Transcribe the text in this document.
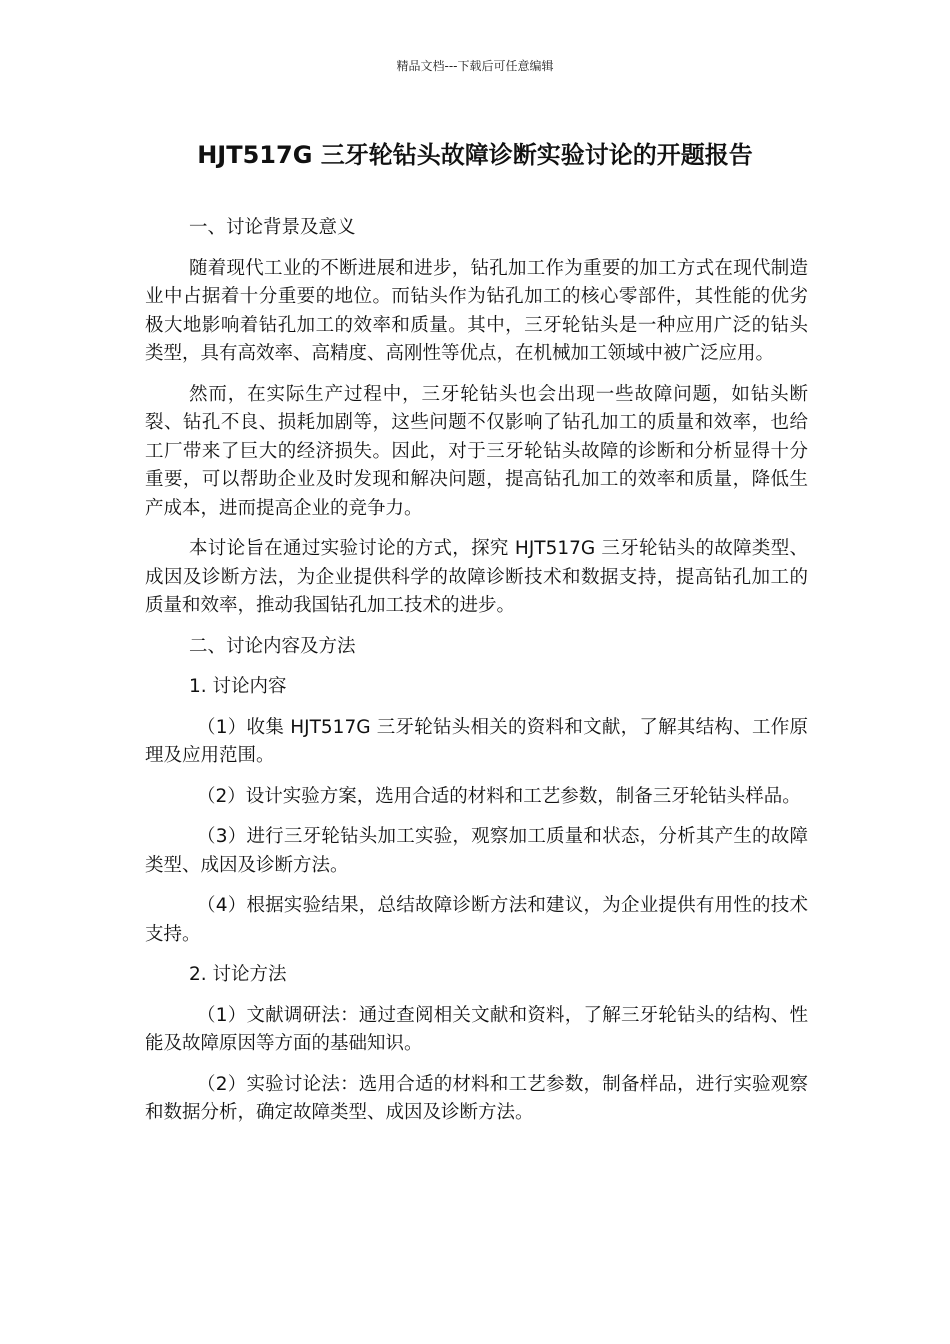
精品文档---下载后可任意编辑
HJT517G 三牙轮钻头故障诊断实验讨论的开题报告

一、讨论背景及意义

随着现代工业的不断进展和进步，钻孔加工作为重要的加工方式在现代制造业中占据着十分重要的地位。而钻头作为钻孔加工的核心零部件，其性能的优劣极大地影响着钻孔加工的效率和质量。其中，三牙轮钻头是一种应用广泛的钻头类型，具有高效率、高精度、高刚性等优点，在机械加工领域中被广泛应用。

然而，在实际生产过程中，三牙轮钻头也会出现一些故障问题，如钻头断裂、钻孔不良、损耗加剧等，这些问题不仅影响了钻孔加工的质量和效率，也给工厂带来了巨大的经济损失。因此，对于三牙轮钻头故障的诊断和分析显得十分重要，可以帮助企业及时发现和解决问题，提高钻孔加工的效率和质量，降低生产成本，进而提高企业的竞争力。

本讨论旨在通过实验讨论的方式，探究 HJT517G 三牙轮钻头的故障类型、成因及诊断方法，为企业提供科学的故障诊断技术和数据支持，提高钻孔加工的质量和效率，推动我国钻孔加工技术的进步。

二、讨论内容及方法

1. 讨论内容

（1）收集 HJT517G 三牙轮钻头相关的资料和文献，了解其结构、工作原理及应用范围。

（2）设计实验方案，选用合适的材料和工艺参数，制备三牙轮钻头样品。

（3）进行三牙轮钻头加工实验，观察加工质量和状态，分析其产生的故障类型、成因及诊断方法。

（4）根据实验结果，总结故障诊断方法和建议，为企业提供有用性的技术支持。

2. 讨论方法

（1）文献调研法：通过查阅相关文献和资料，了解三牙轮钻头的结构、性能及故障原因等方面的基础知识。

（2）实验讨论法：选用合适的材料和工艺参数，制备样品，进行实验观察和数据分析，确定故障类型、成因及诊断方法。
